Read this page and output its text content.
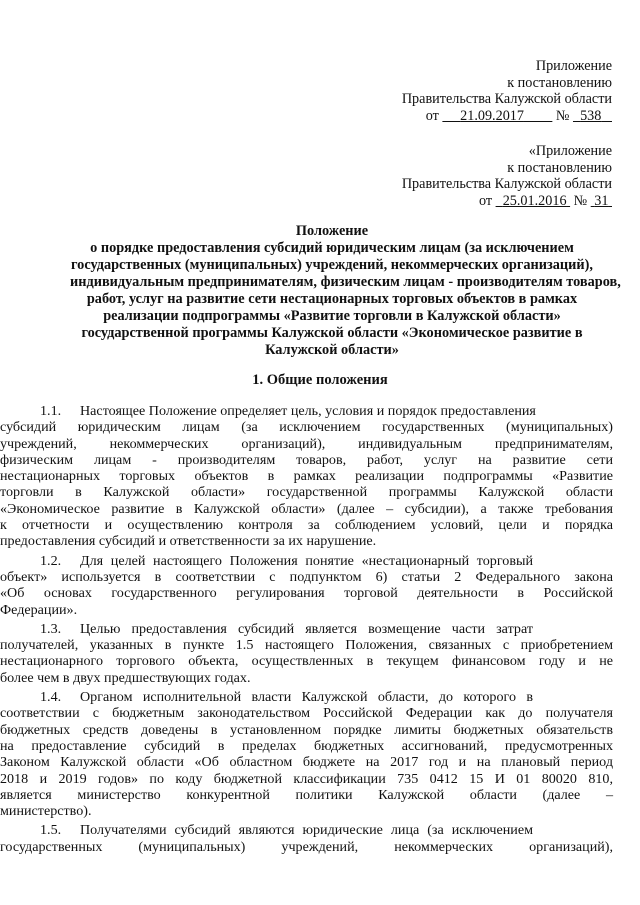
Приложение
к постановлению
Правительства Калужской области
от 21.09.2017 № 538
«Приложение
к постановлению
Правительства Калужской области
от 25.01.2016 № 31
Положение
о порядке предоставления субсидий юридическим лицам (за исключением
государственных (муниципальных) учреждений, некоммерческих организаций),
индивидуальным предпринимателям, физическим лицам - производителям товаров,
работ, услуг на развитие сети нестационарных торговых объектов в рамках
реализации подпрограммы «Развитие торговли в Калужской области»
государственной программы Калужской области «Экономическое развитие в
Калужской области»
1. Общие положения
1.1. Настоящее Положение определяет цель, условия и порядок предоставления
субсидий юридическим лицам (за исключением государственных (муниципальных)
учреждений, некоммерческих организаций), индивидуальным предпринимателям,
физическим лицам - производителям товаров, работ, услуг на развитие сети
нестационарных торговых объектов в рамках реализации подпрограммы «Развитие
торговли в Калужской области» государственной программы Калужской области
«Экономическое развитие в Калужской области» (далее – субсидии), а также требования
к отчетности и осуществлению контроля за соблюдением условий, цели и порядка
предоставления субсидий и ответственности за их нарушение.
1.2. Для целей настоящего Положения понятие «нестационарный торговый
объект» используется в соответствии с подпунктом 6) статьи 2 Федерального закона
«Об основах государственного регулирования торговой деятельности в Российской
Федерации».
1.3. Целью предоставления субсидий является возмещение части затрат
получателей, указанных в пункте 1.5 настоящего Положения, связанных с приобретением
нестационарного торгового объекта, осуществленных в текущем финансовом году и не
более чем в двух предшествующих годах.
1.4. Органом исполнительной власти Калужской области, до которого в
соответствии с бюджетным законодательством Российской Федерации как до получателя
бюджетных средств доведены в установленном порядке лимиты бюджетных обязательств
на предоставление субсидий в пределах бюджетных ассигнований, предусмотренных
Законом Калужской области «Об областном бюджете на 2017 год и на плановый период
2018 и 2019 годов» по коду бюджетной классификации 735 0412 15 И 01 80020 810,
является министерство конкурентной политики Калужской области (далее –
министерство).
1.5. Получателями субсидий являются юридические лица (за исключением
государственных (муниципальных) учреждений, некоммерческих организаций),
